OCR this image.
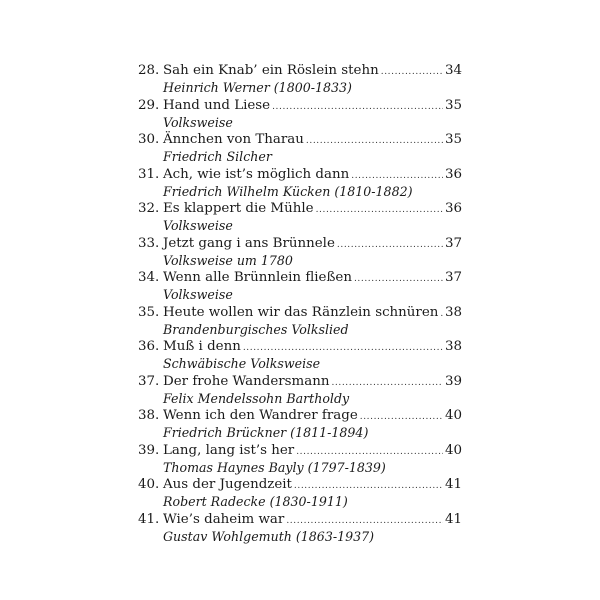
28. Sah ein Knab’ ein Röslein stehn .....	34
Heinrich Werner (1800-1833)
29. Hand und Liese .....	35
Volksweise
30. Ännchen von Tharau .....	35
Friedrich Silcher
31. Ach, wie ist’s möglich dann .....	36
Friedrich Wilhelm Kücken (1810-1882)
32. Es klappert die Mühle .....	36
Volksweise
33. Jetzt gang i ans Brünnele .....	37
Volksweise um 1780
34. Wenn alle Brünnlein fließen .....	37
Volksweise
35. Heute wollen wir das Ränzlein schnüren ..... 38
Brandenburgisches Volkslied
36. Muß i denn .....	38
Schwäbische Volksweise
37. Der frohe Wandersmann .....	39
Felix Mendelssohn Bartholdy
38. Wenn ich den Wandrer frage .....	40
Friedrich Brückner (1811-1894)
39. Lang, lang ist’s her .....	40
Thomas Haynes Bayly (1797-1839)
40. Aus der Jugendzeit .....	41
Robert Radecke (1830-1911)
41. Wie’s daheim war .....	41
Gustav Wohlgemuth (1863-1937)
